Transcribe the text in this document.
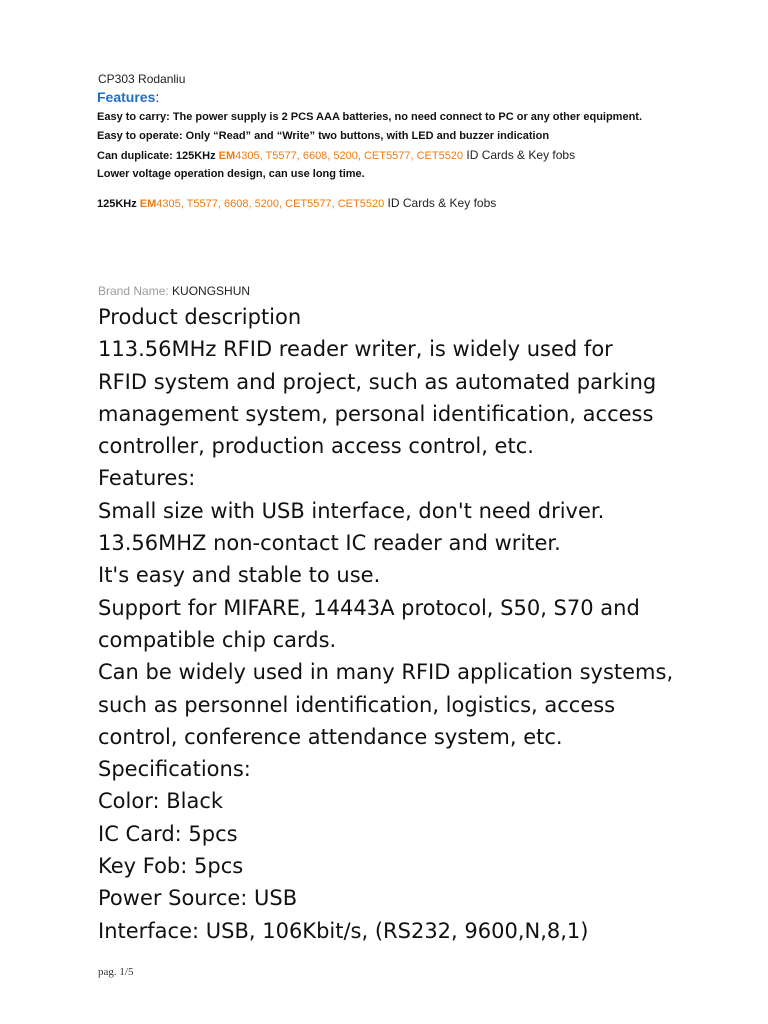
CP303 Rodanliu
Features:
Easy to carry: The power supply is 2 PCS AAA batteries, no need connect to PC or any other equipment.
Easy to operate: Only “Read” and “Write” two buttons, with LED and buzzer indication
Can duplicate: 125KHz EM4305, T5577, 6608, 5200, CET5577, CET5520 ID Cards & Key fobs
Lower voltage operation design, can use long time.
125KHz EM4305, T5577, 6608, 5200, CET5577, CET5520 ID Cards & Key fobs
Brand Name: KUONGSHUN
Product description
113.56MHz RFID reader writer, is widely used for
RFID system and project, such as automated parking
management system, personal identification, access
controller, production access control, etc.
Features:
Small size with USB interface, don't need driver.
13.56MHZ non-contact IC reader and writer.
It's easy and stable to use.
Support for MIFARE, 14443A protocol, S50, S70 and
compatible chip cards.
Can be widely used in many RFID application systems,
such as personnel identification, logistics, access
control, conference attendance system, etc.
Specifications:
Color: Black
IC Card: 5pcs
Key Fob: 5pcs
Power Source: USB
Interface: USB, 106Kbit/s, (RS232, 9600,N,8,1)
pag. 1/5
